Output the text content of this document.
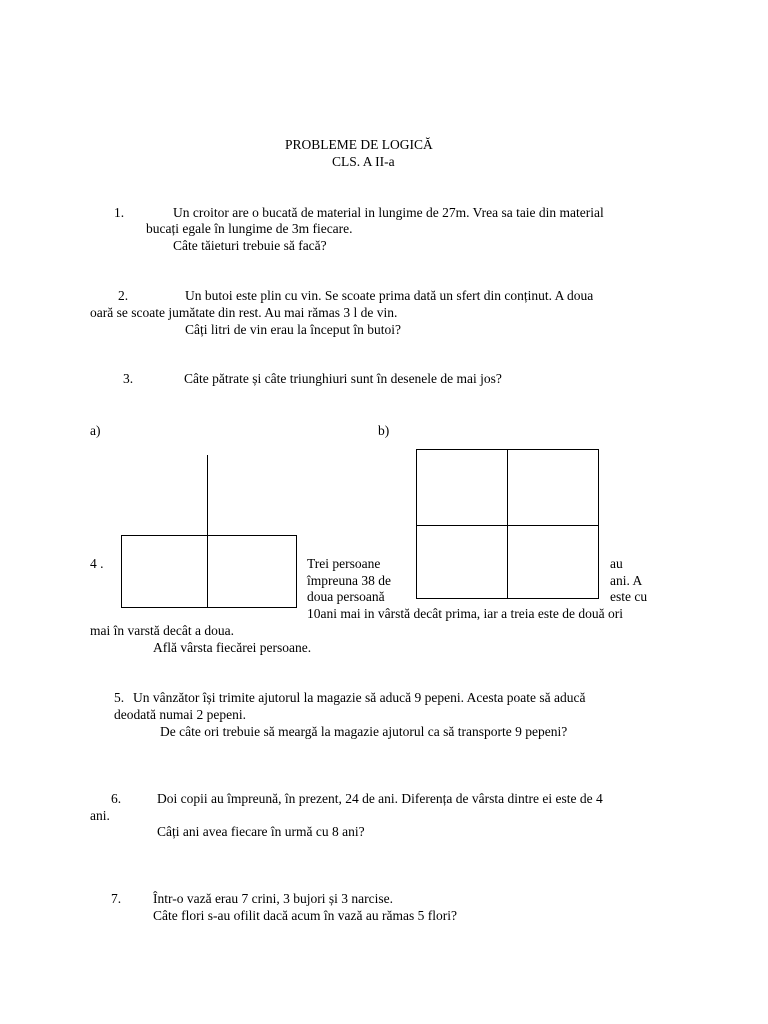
PROBLEME DE LOGICĂ
CLS. A II-a
1.	Un croitor are o bucată de material in lungime de 27m. Vrea sa taie din material
bucați egale în lungime de 3m fiecare.
Câte tăieturi trebuie să facă?
2.	Un butoi este plin cu vin. Se scoate prima dată un sfert din conținut. A doua
oară se scoate jumătate din rest. Au mai rămas 3 l de vin.
Câți litri de vin erau la început în butoi?
3.	Câte pătrate și câte triunghiuri sunt în desenele de mai jos?
a)	b)
4 .	Trei persoane
împreuna 38 de
doua persoană
au
ani. A
este cu
10ani mai in vârstă decât prima, iar a treia este de două ori
mai în varstă decât a doua.
Află vârsta fiecărei persoane.
5. Un vânzător își trimite ajutorul la magazie să aducă 9 pepeni. Acesta poate să aducă
deodată numai 2 pepeni.
De câte ori trebuie să meargă la magazie ajutorul ca să transporte 9 pepeni?
6.	Doi copii au împreună, în prezent, 24 de ani. Diferența de vârsta dintre ei este de 4
ani.
Câți ani avea fiecare în urmă cu 8 ani?
7. Într-o vază erau 7 crini, 3 bujori și 3 narcise.
Câte flori s-au ofilit dacă acum în vază au rămas 5 flori?
